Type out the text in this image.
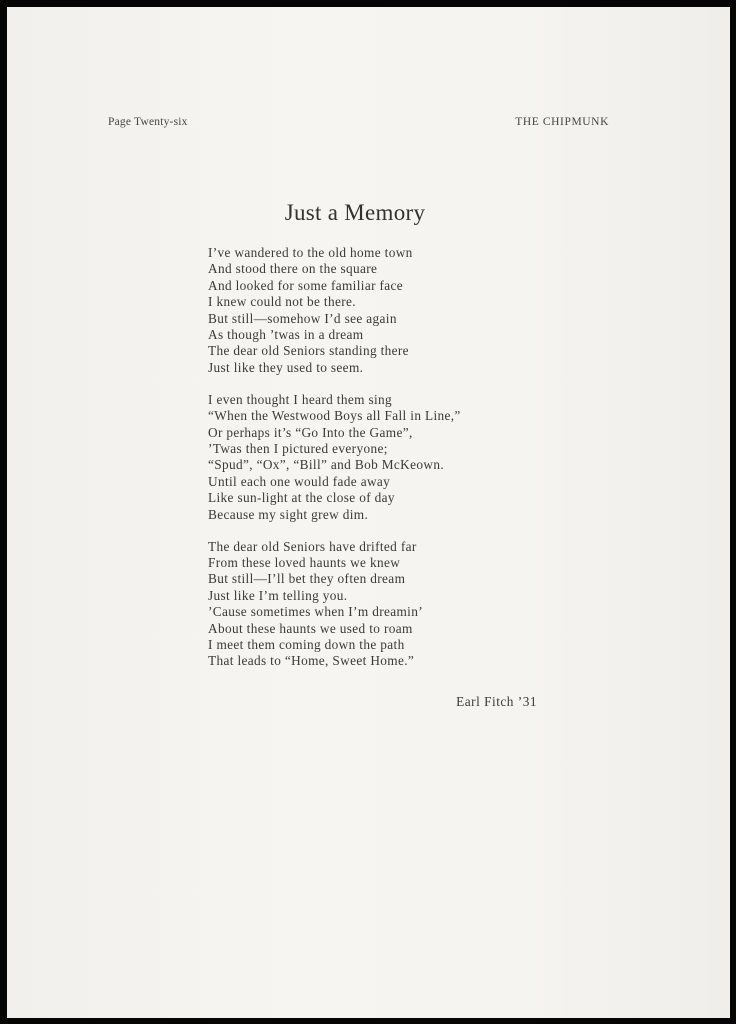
Page Twenty-six	THE CHIPMUNK
Just a Memory
I’ve wandered to the old home town
And stood there on the square
And looked for some familiar face
I knew could not be there.
But still—somehow I’d see again
As though ’twas in a dream
The dear old Seniors standing there
Just like they used to seem.
I even thought I heard them sing
“When the Westwood Boys all Fall in Line,”
Or perhaps it’s “Go Into the Game”,
’Twas then I pictured everyone;
“Spud”, “Ox”, “Bill” and Bob McKeown.
Until each one would fade away
Like sun-light at the close of day
Because my sight grew dim.
The dear old Seniors have drifted far
From these loved haunts we knew
But still—I’ll bet they often dream
Just like I’m telling you.
’Cause sometimes when I’m dreamin’
About these haunts we used to roam
I meet them coming down the path
That leads to “Home, Sweet Home.”
Earl Fitch ’31
